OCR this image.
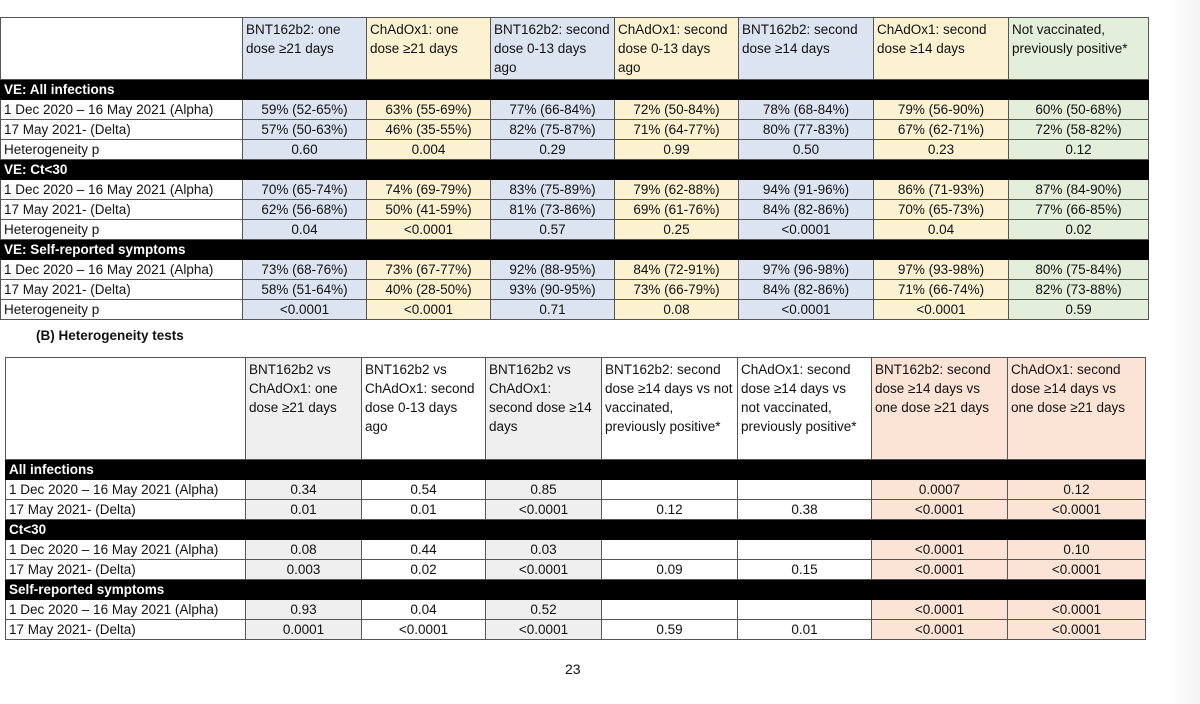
	BNT162b2: one dose ≥21 days	ChAdOx1: one dose ≥21 days	BNT162b2: second dose 0-13 days ago	ChAdOx1: second dose 0-13 days ago	BNT162b2: second dose ≥14 days	ChAdOx1: second dose ≥14 days	Not vaccinated, previously positive*
VE: All infections							
1 Dec 2020 – 16 May 2021 (Alpha)	59% (52-65%)	63% (55-69%)	77% (66-84%)	72% (50-84%)	78% (68-84%)	79% (56-90%)	60% (50-68%)
17 May 2021- (Delta)	57% (50-63%)	46% (35-55%)	82% (75-87%)	71% (64-77%)	80% (77-83%)	67% (62-71%)	72% (58-82%)
Heterogeneity p	0.60	0.004	0.29	0.99	0.50	0.23	0.12
VE: Ct<30							
1 Dec 2020 – 16 May 2021 (Alpha)	70% (65-74%)	74% (69-79%)	83% (75-89%)	79% (62-88%)	94% (91-96%)	86% (71-93%)	87% (84-90%)
17 May 2021- (Delta)	62% (56-68%)	50% (41-59%)	81% (73-86%)	69% (61-76%)	84% (82-86%)	70% (65-73%)	77% (66-85%)
Heterogeneity p	0.04	<0.0001	0.57	0.25	<0.0001	0.04	0.02
VE: Self-reported symptoms							
1 Dec 2020 – 16 May 2021 (Alpha)	73% (68-76%)	73% (67-77%)	92% (88-95%)	84% (72-91%)	97% (96-98%)	97% (93-98%)	80% (75-84%)
17 May 2021- (Delta)	58% (51-64%)	40% (28-50%)	93% (90-95%)	73% (66-79%)	84% (82-86%)	71% (66-74%)	82% (73-88%)
Heterogeneity p	<0.0001	<0.0001	0.71	0.08	<0.0001	<0.0001	0.59
(B) Heterogeneity tests
	BNT162b2 vs ChAdOx1: one dose ≥21 days	BNT162b2 vs ChAdOx1: second dose 0-13 days ago	BNT162b2 vs ChAdOx1: second dose ≥14 days	BNT162b2: second dose ≥14 days vs not vaccinated, previously positive*	ChAdOx1: second dose ≥14 days vs not vaccinated, previously positive*	BNT162b2: second dose ≥14 days vs one dose ≥21 days	ChAdOx1: second dose ≥14 days vs one dose ≥21 days
All infections							
1 Dec 2020 – 16 May 2021 (Alpha)	0.34	0.54	0.85			0.0007	0.12
17 May 2021- (Delta)	0.01	0.01	<0.0001	0.12	0.38	<0.0001	<0.0001
Ct<30							
1 Dec 2020 – 16 May 2021 (Alpha)	0.08	0.44	0.03			<0.0001	0.10
17 May 2021- (Delta)	0.003	0.02	<0.0001	0.09	0.15	<0.0001	<0.0001
Self-reported symptoms							
1 Dec 2020 – 16 May 2021 (Alpha)	0.93	0.04	0.52			<0.0001	<0.0001
17 May 2021- (Delta)	0.0001	<0.0001	<0.0001	0.59	0.01	<0.0001	<0.0001
23
